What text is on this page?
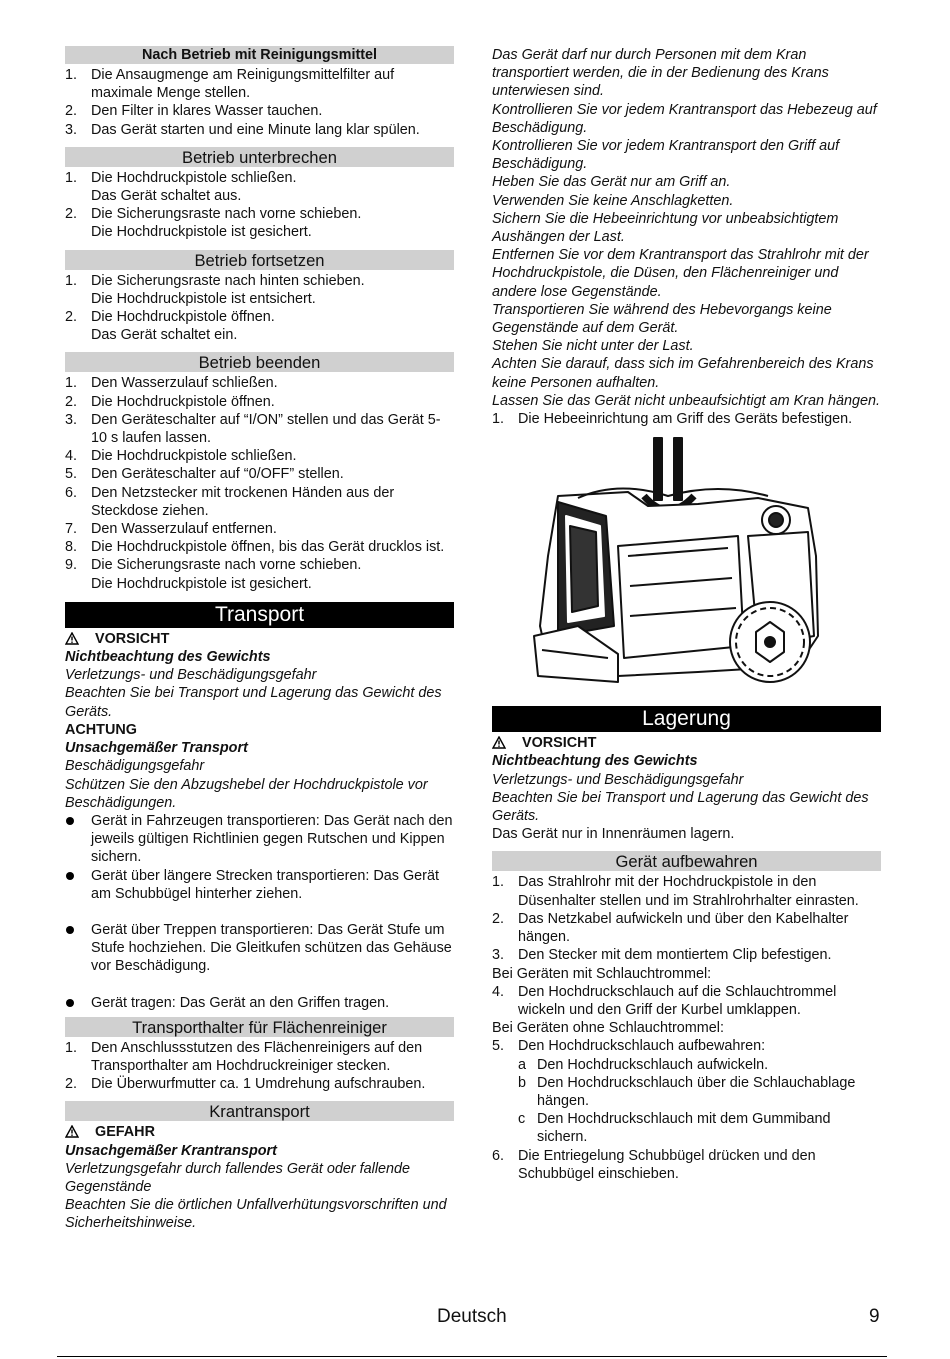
Nach Betrieb mit Reinigungsmittel
1. Die Ansaugmenge am Reinigungsmittelfilter auf maximale Menge stellen.
2. Den Filter in klares Wasser tauchen.
3. Das Gerät starten und eine Minute lang klar spülen.
Betrieb unterbrechen
1. Die Hochdruckpistole schließen.
Das Gerät schaltet aus.
2. Die Sicherungsraste nach vorne schieben.
Die Hochdruckpistole ist gesichert.
Betrieb fortsetzen
1. Die Sicherungsraste nach hinten schieben.
Die Hochdruckpistole ist entsichert.
2. Die Hochdruckpistole öffnen.
Das Gerät schaltet ein.
Betrieb beenden
1. Den Wasserzulauf schließen.
2. Die Hochdruckpistole öffnen.
3. Den Geräteschalter auf “I/ON” stellen und das Gerät 5-10 s laufen lassen.
4. Die Hochdruckpistole schließen.
5. Den Geräteschalter auf “0/OFF” stellen.
6. Den Netzstecker mit trockenen Händen aus der Steckdose ziehen.
7. Den Wasserzulauf entfernen.
8. Die Hochdruckpistole öffnen, bis das Gerät drucklos ist.
9. Die Sicherungsraste nach vorne schieben.
Die Hochdruckpistole ist gesichert.
Transport
VORSICHT

Nichtbeachtung des Gewichts

Verletzungs- und Beschädigungsgefahr

Beachten Sie bei Transport und Lagerung das Gewicht des Geräts.

ACHTUNG

Unsachgemäßer Transport

Beschädigungsgefahr

Schützen Sie den Abzugshebel der Hochdruckpistole vor Beschädigungen.

Gerät in Fahrzeugen transportieren: Das Gerät nach den jeweils gültigen Richtlinien gegen Rutschen und Kippen sichern.
Gerät über längere Strecken transportieren: Das Gerät am Schubbügel hinterher ziehen.
Gerät über Treppen transportieren: Das Gerät Stufe um Stufe hochziehen. Die Gleitkufen schützen das Gehäuse vor Beschädigung.
Gerät tragen: Das Gerät an den Griffen tragen.
Transporthalter für Flächenreiniger
1. Den Anschlussstutzen des Flächenreinigers auf den Transporthalter am Hochdruckreiniger stecken.
2. Die Überwurfmutter ca. 1 Umdrehung aufschrauben.
Krantransport
GEFAHR

Unsachgemäßer Krantransport

Verletzungsgefahr durch fallendes Gerät oder fallende Gegenstände

Beachten Sie die örtlichen Unfallverhütungsvorschriften und Sicherheitshinweise.

Das Gerät darf nur durch Personen mit dem Kran transportiert werden, die in der Bedienung des Krans unterwiesen sind.

Kontrollieren Sie vor jedem Krantransport das Hebezeug auf Beschädigung.

Kontrollieren Sie vor jedem Krantransport den Griff auf Beschädigung.

Heben Sie das Gerät nur am Griff an.

Verwenden Sie keine Anschlagketten.

Sichern Sie die Hebeeinrichtung vor unbeabsichtigtem Aushängen der Last.

Entfernen Sie vor dem Krantransport das Strahlrohr mit der Hochdruckpistole, die Düsen, den Flächenreiniger und andere lose Gegenstände.

Transportieren Sie während des Hebevorgangs keine Gegenstände auf dem Gerät.

Stehen Sie nicht unter der Last.

Achten Sie darauf, dass sich im Gefahrenbereich des Krans keine Personen aufhalten.

Lassen Sie das Gerät nicht unbeaufsichtigt am Kran hängen.

1. Die Hebeeinrichtung am Griff des Geräts befestigen.
Lagerung
VORSICHT

Nichtbeachtung des Gewichts

Verletzungs- und Beschädigungsgefahr

Beachten Sie bei Transport und Lagerung das Gewicht des Geräts.

Das Gerät nur in Innenräumen lagern.

Gerät aufbewahren
1. Das Strahlrohr mit der Hochdruckpistole in den Düsenhalter stellen und im Strahlrohrhalter einrasten.
2. Das Netzkabel aufwickeln und über den Kabelhalter hängen.
3. Den Stecker mit dem montiertem Clip befestigen.

Bei Geräten mit Schlauchtrommel:

4. Den Hochdruckschlauch auf die Schlauchtrommel wickeln und den Griff der Kurbel umklappen.

Bei Geräten ohne Schlauchtrommel:

5. Den Hochdruckschlauch aufbewahren:
a Den Hochdruckschlauch aufwickeln.
b Den Hochdruckschlauch über die Schlauchablage hängen.
c Den Hochdruckschlauch mit dem Gummiband sichern.
6. Die Entriegelung Schubbügel drücken und den Schubbügel einschieben.
Deutsch	9
